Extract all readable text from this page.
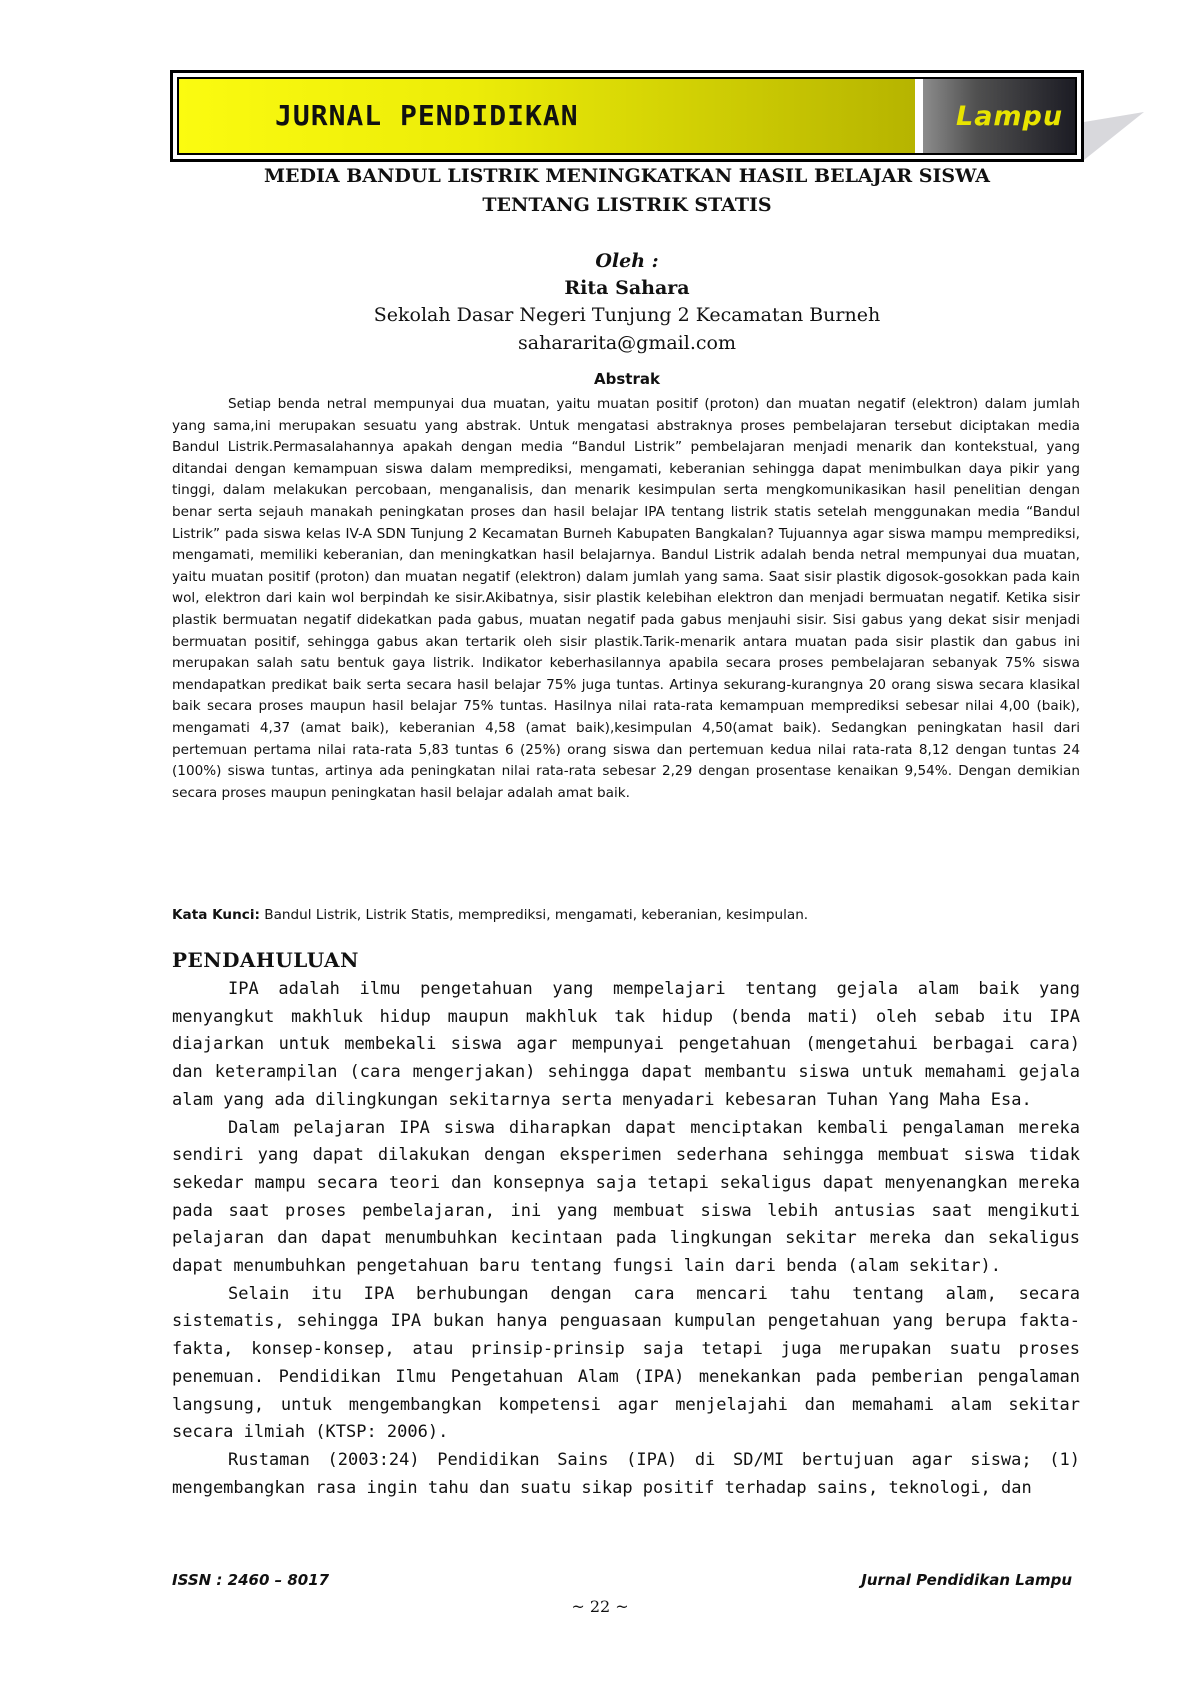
JURNAL PENDIDIKAN	Lampu
MEDIA BANDUL LISTRIK MENINGKATKAN HASIL BELAJAR SISWA
TENTANG LISTRIK STATIS
Oleh :
Rita Sahara
Sekolah Dasar Negeri Tunjung 2 Kecamatan Burneh
sahararita@gmail.com
Abstrak

Setiap benda netral mempunyai dua muatan, yaitu muatan positif (proton) dan muatan negatif (elektron) dalam jumlah yang sama,ini merupakan sesuatu yang abstrak. Untuk mengatasi abstraknya proses pembelajaran tersebut diciptakan media Bandul Listrik.Permasalahannya apakah dengan media “Bandul Listrik” pembelajaran menjadi menarik dan kontekstual, yang ditandai dengan kemampuan siswa dalam memprediksi, mengamati, keberanian sehingga dapat menimbulkan daya pikir yang tinggi, dalam melakukan percobaan, menganalisis, dan menarik kesimpulan serta mengkomunikasikan hasil penelitian dengan benar serta sejauh manakah peningkatan proses dan hasil belajar IPA tentang listrik statis setelah menggunakan media “Bandul Listrik” pada siswa kelas IV-A SDN Tunjung 2 Kecamatan Burneh Kabupaten Bangkalan? Tujuannya agar siswa mampu memprediksi, mengamati, memiliki keberanian, dan meningkatkan hasil belajarnya. Bandul Listrik adalah benda netral mempunyai dua muatan, yaitu muatan positif (proton) dan muatan negatif (elektron) dalam jumlah yang sama. Saat sisir plastik digosok-gosokkan pada kain wol, elektron dari kain wol berpindah ke sisir.Akibatnya, sisir plastik kelebihan elektron dan menjadi bermuatan negatif. Ketika sisir plastik bermuatan negatif didekatkan pada gabus, muatan negatif pada gabus menjauhi sisir. Sisi gabus yang dekat sisir menjadi bermuatan positif, sehingga gabus akan tertarik oleh sisir plastik.Tarik-menarik antara muatan pada sisir plastik dan gabus ini merupakan salah satu bentuk gaya listrik. Indikator keberhasilannya apabila secara proses pembelajaran sebanyak 75% siswa mendapatkan predikat baik serta secara hasil belajar 75% juga tuntas. Artinya sekurang-kurangnya 20 orang siswa secara klasikal baik secara proses maupun hasil belajar 75% tuntas. Hasilnya nilai rata-rata kemampuan memprediksi sebesar nilai 4,00 (baik), mengamati 4,37 (amat baik), keberanian 4,58 (amat baik),kesimpulan 4,50(amat baik). Sedangkan peningkatan hasil dari pertemuan pertama nilai rata-rata 5,83 tuntas 6 (25%) orang siswa dan pertemuan kedua nilai rata-rata 8,12 dengan tuntas 24 (100%) siswa tuntas, artinya ada peningkatan nilai rata-rata sebesar 2,29 dengan prosentase kenaikan 9,54%. Dengan demikian secara proses maupun peningkatan hasil belajar adalah amat baik.

Kata Kunci: Bandul Listrik, Listrik Statis, memprediksi, mengamati, keberanian, kesimpulan.

PENDAHULUAN

IPA adalah ilmu pengetahuan yang mempelajari tentang gejala alam baik yang menyangkut makhluk hidup maupun makhluk tak hidup (benda mati) oleh sebab itu IPA diajarkan untuk membekali siswa agar mempunyai pengetahuan (mengetahui berbagai cara) dan keterampilan (cara mengerjakan) sehingga dapat membantu siswa untuk memahami gejala alam yang ada dilingkungan sekitarnya serta menyadari kebesaran Tuhan Yang Maha Esa.

Dalam pelajaran IPA siswa diharapkan dapat menciptakan kembali pengalaman mereka sendiri yang dapat dilakukan dengan eksperimen sederhana sehingga membuat siswa tidak sekedar mampu secara teori dan konsepnya saja tetapi sekaligus dapat menyenangkan mereka pada saat proses pembelajaran, ini yang membuat siswa lebih antusias saat mengikuti pelajaran dan dapat menumbuhkan kecintaan pada lingkungan sekitar mereka dan sekaligus dapat menumbuhkan pengetahuan baru tentang fungsi lain dari benda (alam sekitar).

Selain itu IPA berhubungan dengan cara mencari tahu tentang alam, secara sistematis, sehingga IPA bukan hanya penguasaan kumpulan pengetahuan yang berupa fakta-fakta, konsep-konsep, atau prinsip-prinsip saja tetapi juga merupakan suatu proses penemuan. Pendidikan Ilmu Pengetahuan Alam (IPA) menekankan pada pemberian pengalaman langsung, untuk mengembangkan kompetensi agar menjelajahi dan memahami alam sekitar secara ilmiah (KTSP: 2006).

Rustaman (2003:24) Pendidikan Sains (IPA) di SD/MI bertujuan agar siswa; (1) mengembangkan rasa ingin tahu dan suatu sikap positif terhadap sains, teknologi, dan

ISSN : 2460 – 8017	Jurnal Pendidikan Lampu
~ 22 ~
